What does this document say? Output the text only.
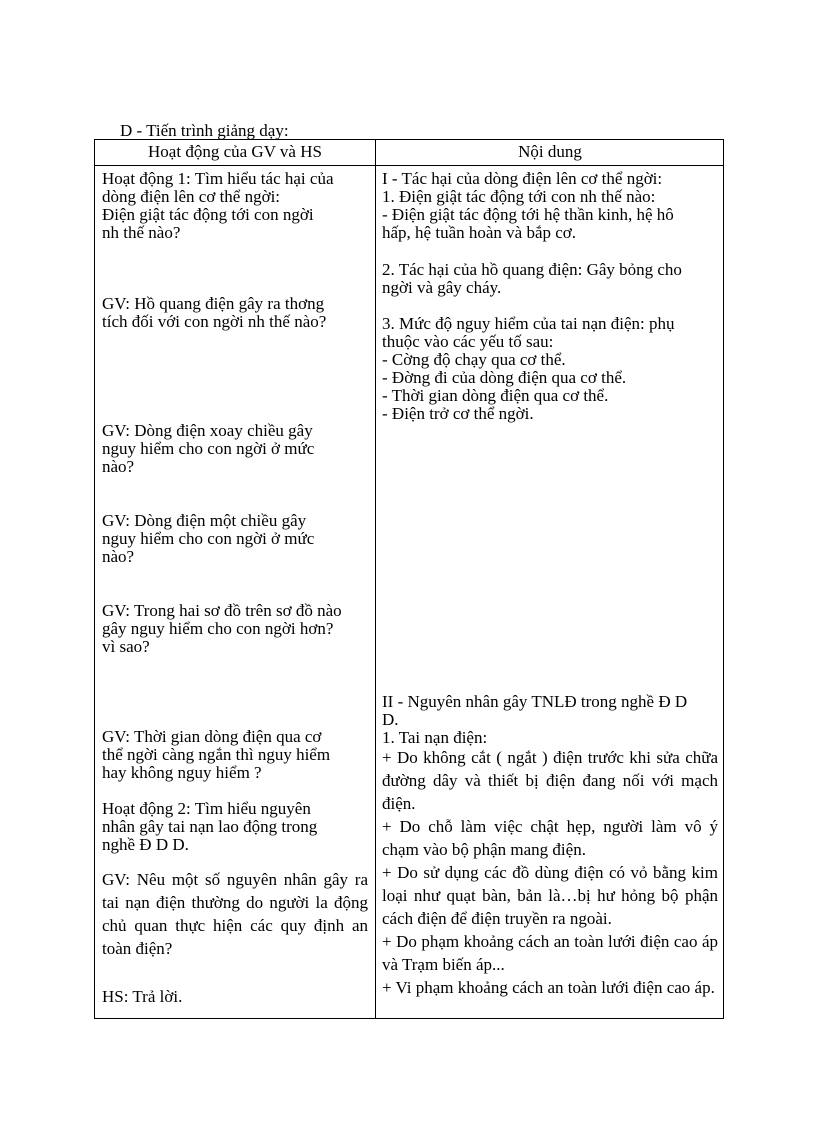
D - Tiến trình giảng dạy:
Hoạt động của GV và HS	Nội dung
Hoạt động 1: Tìm hiểu tác hại của
dòng điện lên cơ thể ngời:
Điện giật tác động tới con ngời
nh thế nào?
GV: Hồ quang điện gây ra thơng
tích đối với con ngời nh thế nào?
GV: Dòng điện xoay chiều gây
nguy hiểm cho con ngời ở mức
nào?
GV: Dòng điện một chiều gây
nguy hiểm cho con ngời ở mức
nào?
GV: Trong hai sơ đồ trên sơ đồ nào
gây nguy hiểm cho con ngời hơn?
vì sao?
GV: Thời gian dòng điện qua cơ
thể ngời càng ngắn thì nguy hiểm
hay không nguy hiểm ?
Hoạt động 2: Tìm hiểu nguyên
nhân gây tai nạn lao động trong
nghề Đ D D.
GV: Nêu một số nguyên nhân gây ra tai nạn điện thường do người la động chủ quan thực hiện các quy định an toàn điện?
HS: Trả lời.
I - Tác hại của dòng điện lên cơ thể ngời:
1. Điện giật tác động tới con nh thế nào:
- Điện giật tác động tới hệ thần kinh, hệ hô
hấp, hệ tuần hoàn và bắp cơ.
2. Tác hại của hồ quang điện: Gây bỏng cho
ngời và gây cháy.
3. Mức độ nguy hiểm của tai nạn điện: phụ
thuộc vào các yếu tố sau:
- Cờng độ chạy qua cơ thể.
- Đờng đi của dòng điện qua cơ thể.
- Thời gian dòng điện qua cơ thể.
- Điện trở cơ thể ngời.
II - Nguyên nhân gây TNLĐ trong nghề Đ D
D.
1. Tai nạn điện:
+ Do không cắt ( ngắt ) điện trước khi sửa chữa đường dây và thiết bị điện đang nối với mạch điện.
+ Do chỗ làm việc chật hẹp, người làm vô ý chạm vào bộ phận mang điện.
+ Do sử dụng các đồ dùng điện có vỏ bằng kim loại như quạt bàn, bản là…bị hư hỏng bộ phận cách điện để điện truyền ra ngoài.
+ Do phạm khoảng cách an toàn lưới điện cao áp và Trạm biến áp...
+ Vi phạm khoảng cách an toàn lưới điện cao áp.
